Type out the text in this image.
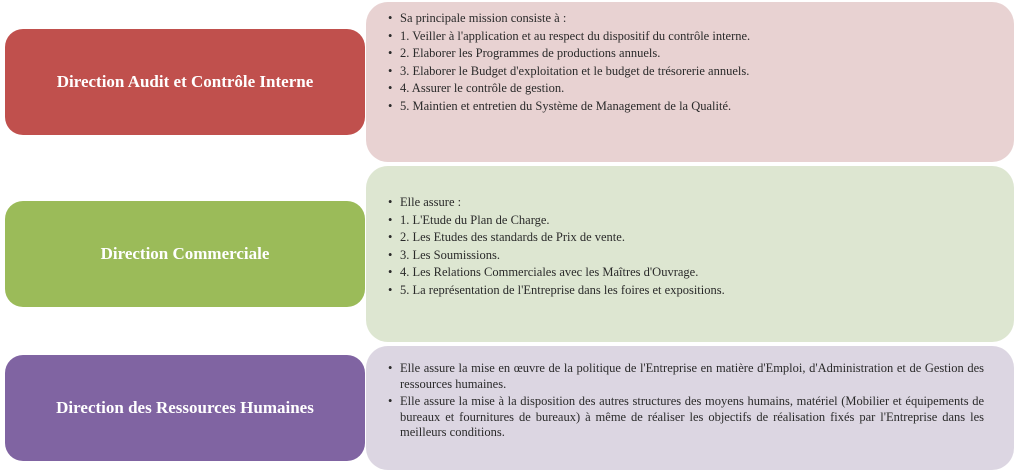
• Sa principale mission consiste à :
• 1. Veiller à l'application et au respect du dispositif du contrôle interne.
• 2. Elaborer les Programmes de productions annuels.
• 3. Elaborer le Budget d'exploitation et le budget de trésorerie annuels.
• 4. Assurer le contrôle de gestion.
• 5. Maintien et entretien du Système de Management de la Qualité.
Direction Audit et Contrôle Interne
• Elle assure :
• 1. L'Etude du Plan de Charge.
• 2. Les Etudes des standards de Prix de vente.
• 3. Les Soumissions.
• 4. Les Relations Commerciales avec les Maîtres d'Ouvrage.
• 5. La représentation de l'Entreprise dans les foires et expositions.
Direction Commerciale
• Elle assure la mise en œuvre de la politique de l'Entreprise en matière d'Emploi, d'Administration et de Gestion des ressources humaines.
• Elle assure la mise à la disposition des autres structures des moyens humains, matériel (Mobilier et équipements de bureaux et fournitures de bureaux) à même de réaliser les objectifs de réalisation fixés par l'Entreprise dans les meilleurs conditions.
Direction des Ressources Humaines
